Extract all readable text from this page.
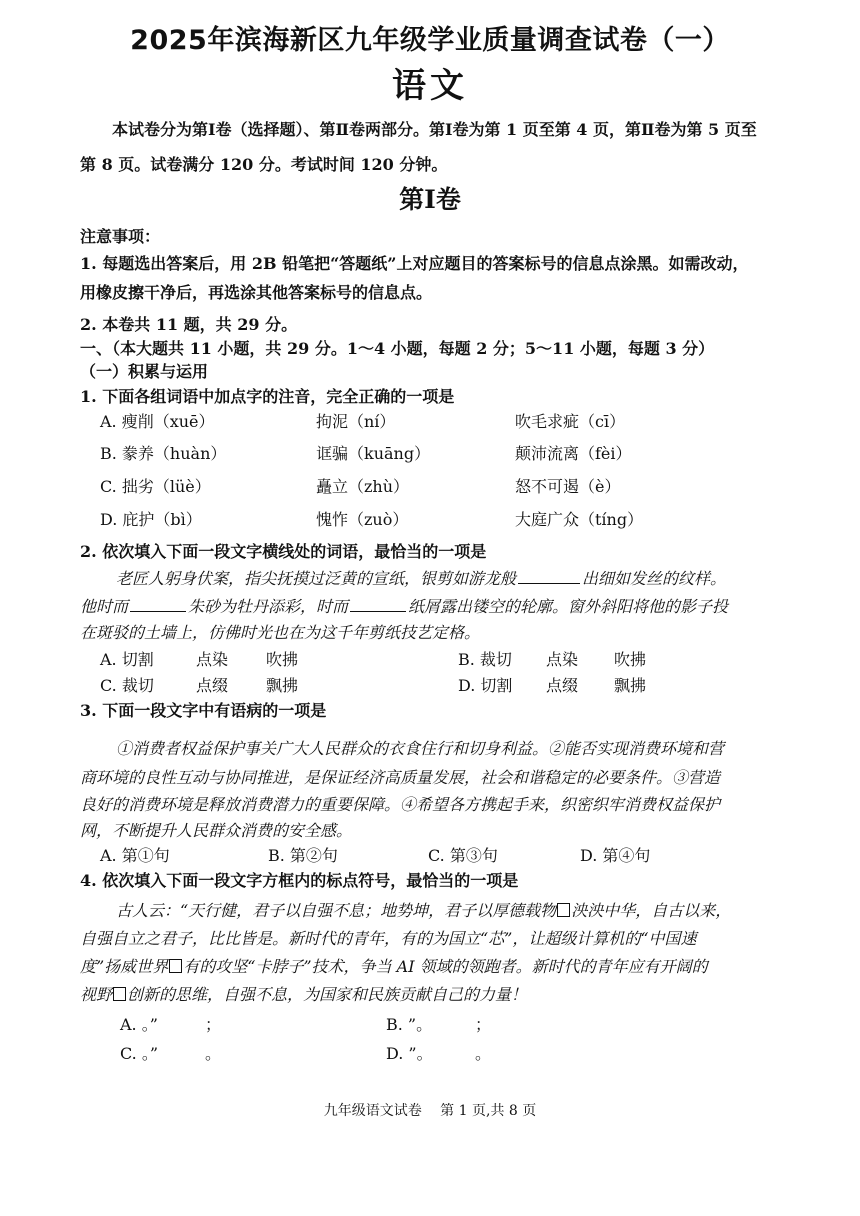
2025年滨海新区九年级学业质量调查试卷（一）
语文
本试卷分为第Ⅰ卷（选择题）、第Ⅱ卷两部分。第Ⅰ卷为第 1 页至第 4 页，第Ⅱ卷为第 5 页至
第 8 页。试卷满分 120 分。考试时间 120 分钟。
第Ⅰ卷
注意事项：
1. 每题选出答案后，用 2B 铅笔把“答题纸”上对应题目的答案标号的信息点涂黑。如需改动，
用橡皮擦干净后，再选涂其他答案标号的信息点。
2. 本卷共 11 题，共 29 分。
一、（本大题共 11 小题，共 29 分。1～4 小题，每题 2 分；5～11 小题，每题 3 分）
（一）积累与运用
1. 下面各组词语中加点字的注音，完全正确的一项是
A. 瘦削（xuē）	拘泥（ní）	吹毛求疵（cī）
B. 豢养（huàn）	诓骗（kuāng）	颠沛流离（fèi）
C. 拙劣（lüè）	矗立（zhù）	怒不可遏（è）
D. 庇护（bì）	愧怍（zuò）	大庭广众（tíng）
2. 依次填入下面一段文字横线处的词语，最恰当的一项是
老匠人躬身伏案，指尖抚摸过泛黄的宣纸，银剪如游龙般	出细如发丝的纹样。
他时而	朱砂为牡丹添彩，时而	纸屑露出镂空的轮廓。窗外斜阳将他的影子投
在斑驳的土墙上，仿佛时光也在为这千年剪纸技艺定格。
A. 切割	点染 吹拂	B. 裁切 点染 吹拂
C. 裁切	点缀 飘拂	D. 切割 点缀 飘拂
3. 下面一段文字中有语病的一项是
①消费者权益保护事关广大人民群众的衣食住行和切身利益。②能否实现消费环境和营
商环境的良性互动与协同推进，是保证经济高质量发展，社会和谐稳定的必要条件。③营造
良好的消费环境是释放消费潜力的重要保障。④希望各方携起手来，织密织牢消费权益保护
网，不断提升人民群众消费的安全感。
A. 第①句	B. 第②句	C. 第③句	D. 第④句
4. 依次填入下面一段文字方框内的标点符号，最恰当的一项是
古人云：“天行健，君子以自强不息；地势坤，君子以厚德载物 泱泱中华，自古以来，
自强自立之君子，比比皆是。新时代的青年，有的为国立“芯”，让超级计算机的“中国速
度”扬威世界 有的攻坚“卡脖子”技术，争当 AI 领域的领跑者。新时代的青年应有开阔的
视野 创新的思维，自强不息，为国家和民族贡献自己的力量！
A. 。”	；	B. ”。	；
C. 。”	。	D. ”。	。
九年级语文试卷　 第 1 页,共 8 页
